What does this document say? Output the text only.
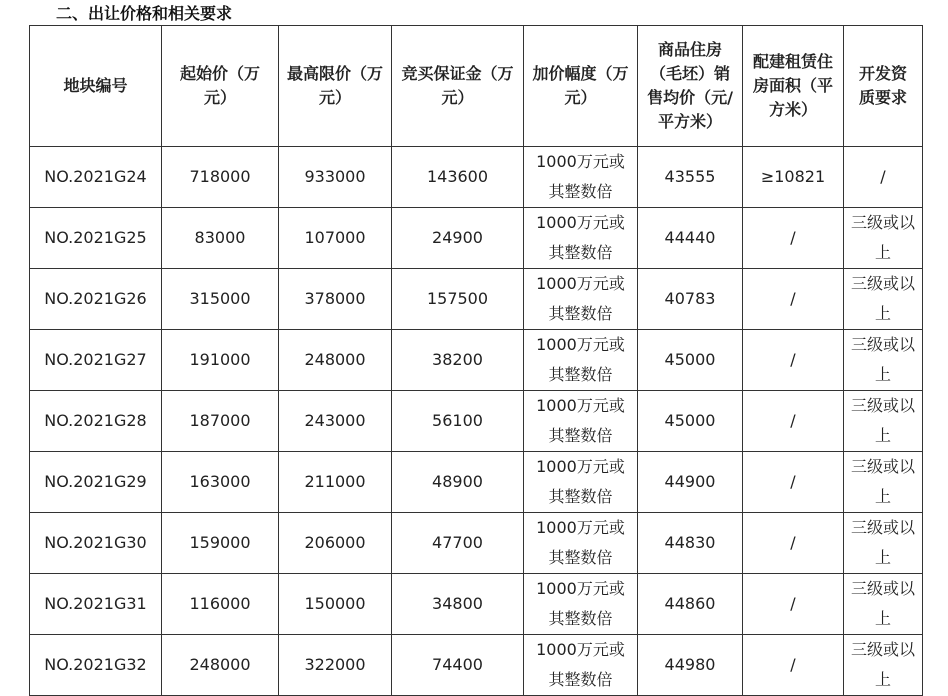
二、出让价格和相关要求
地块编号	起始价（万元）	最高限价（万元）	竞买保证金（万元）	加价幅度（万元）	商品住房（毛坯）销售均价（元/平方米）	配建租赁住房面积（平方米）	开发资质要求
NO.2021G24	718000	933000	143600	1000万元或其整数倍	43555	≥10821	/
NO.2021G25	83000	107000	24900	1000万元或其整数倍	44440	/	三级或以上
NO.2021G26	315000	378000	157500	1000万元或其整数倍	40783	/	三级或以上
NO.2021G27	191000	248000	38200	1000万元或其整数倍	45000	/	三级或以上
NO.2021G28	187000	243000	56100	1000万元或其整数倍	45000	/	三级或以上
NO.2021G29	163000	211000	48900	1000万元或其整数倍	44900	/	三级或以上
NO.2021G30	159000	206000	47700	1000万元或其整数倍	44830	/	三级或以上
NO.2021G31	116000	150000	34800	1000万元或其整数倍	44860	/	三级或以上
NO.2021G32	248000	322000	74400	1000万元或其整数倍	44980	/	三级或以上
